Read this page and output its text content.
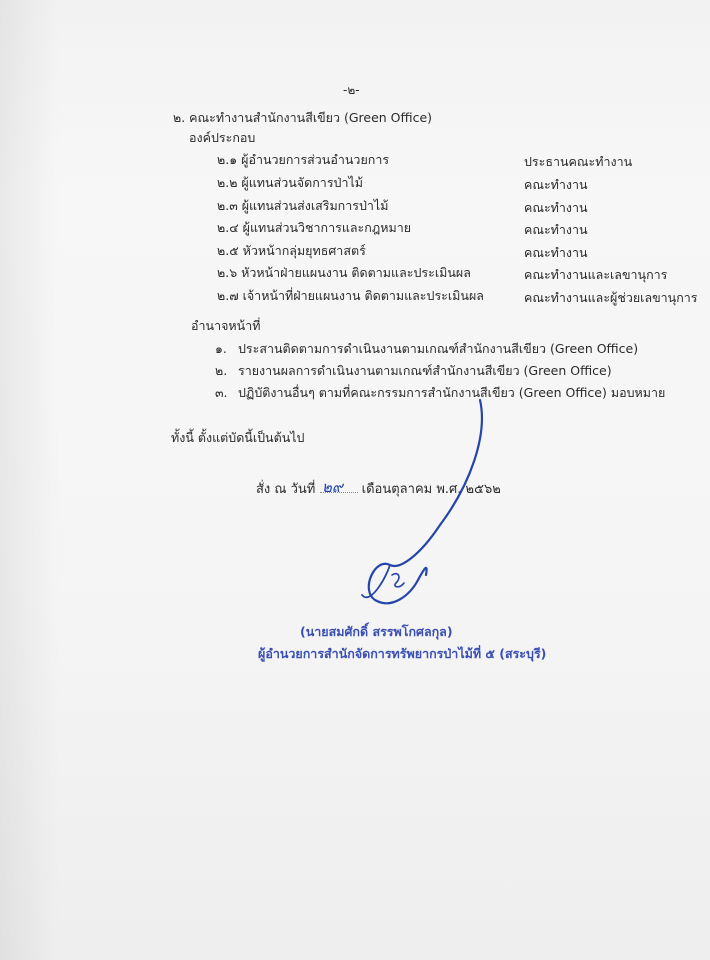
-๒-
๒. คณะทำงานสำนักงานสีเขียว (Green Office)
องค์ประกอบ
๒.๑ ผู้อำนวยการส่วนอำนวยการ	ประธานคณะทำงาน
๒.๒ ผู้แทนส่วนจัดการป่าไม้	คณะทำงาน
๒.๓ ผู้แทนส่วนส่งเสริมการป่าไม้	คณะทำงาน
๒.๔ ผู้แทนส่วนวิชาการและกฎหมาย	คณะทำงาน
๒.๕ หัวหน้ากลุ่มยุทธศาสตร์	คณะทำงาน
๒.๖ หัวหน้าฝ่ายแผนงาน ติดตามและประเมินผล	คณะทำงานและเลขานุการ
๒.๗ เจ้าหน้าที่ฝ่ายแผนงาน ติดตามและประเมินผล	คณะทำงานและผู้ช่วยเลขานุการ
อำนาจหน้าที่
๑. ประสานติดตามการดำเนินงานตามเกณฑ์สำนักงานสีเขียว (Green Office)
๒. รายงานผลการดำเนินงานตามเกณฑ์สำนักงานสีเขียว (Green Office)
๓. ปฏิบัติงานอื่นๆ ตามที่คณะกรรมการสำนักงานสีเขียว (Green Office) มอบหมาย
ทั้งนี้ ตั้งแต่บัดนี้เป็นต้นไป
สั่ง ณ วันที่	เดือนตุลาคม พ.ศ. ๒๕๖๒
๒๙
(นายสมศักดิ์ สรรพโกศลกุล)
ผู้อำนวยการสำนักจัดการทรัพยากรป่าไม้ที่ ๕ (สระบุรี)
